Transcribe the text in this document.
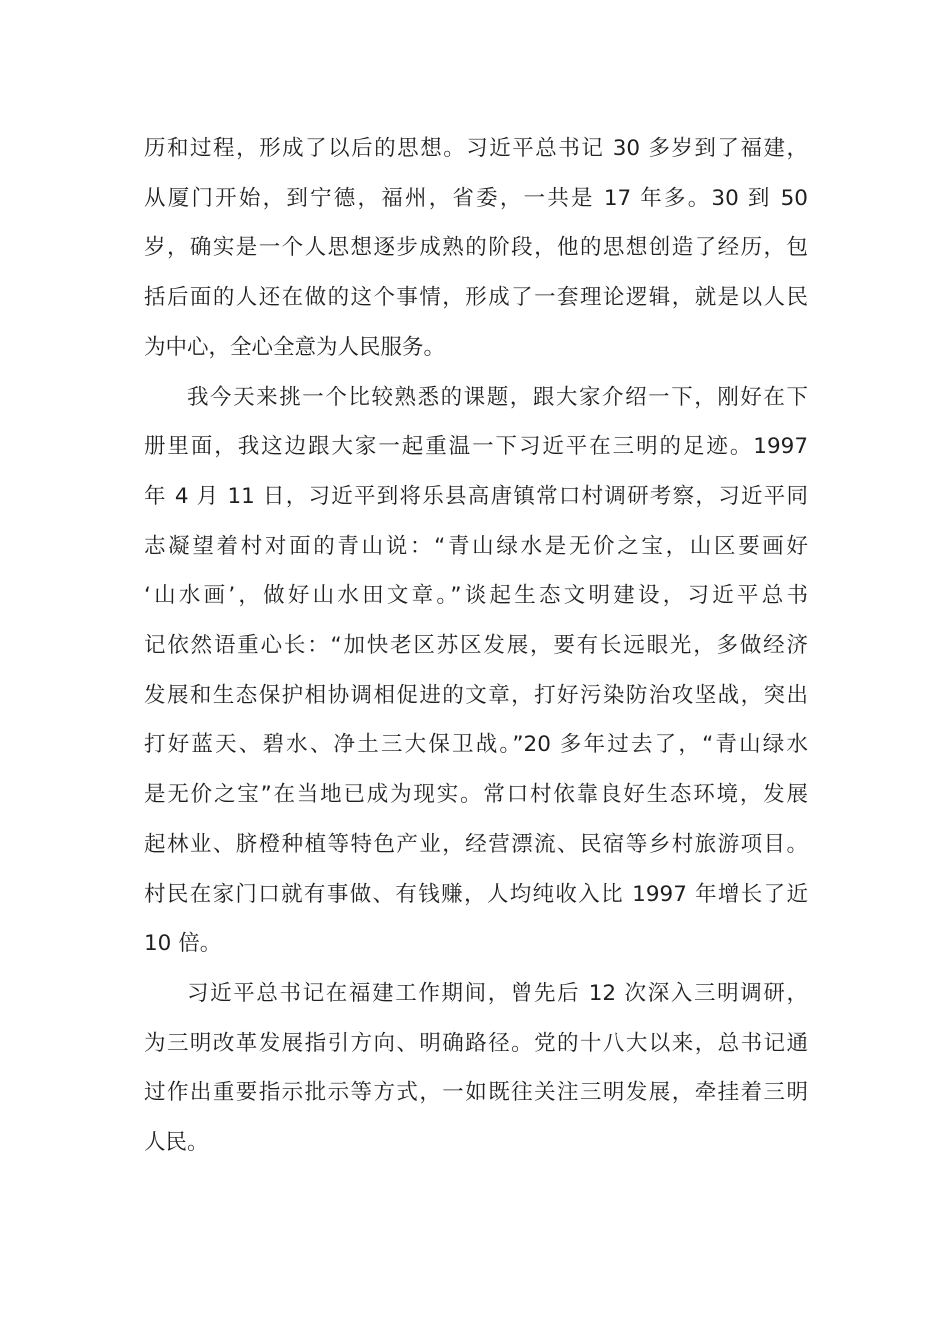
历和过程，形成了以后的思想。习近平总书记 30 多岁到了福建，
从厦门开始，到宁德，福州，省委，一共是 17 年多。30 到 50
岁，确实是一个人思想逐步成熟的阶段，他的思想创造了经历，包
括后面的人还在做的这个事情，形成了一套理论逻辑，就是以人民
为中心，全心全意为人民服务。
我今天来挑一个比较熟悉的课题，跟大家介绍一下，刚好在下
册里面，我这边跟大家一起重温一下习近平在三明的足迹。1997
年 4 月 11 日，习近平到将乐县高唐镇常口村调研考察，习近平同
志凝望着村对面的青山说：“青山绿水是无价之宝，山区要画好
‘山水画’，做好山水田文章。”谈起生态文明建设，习近平总书
记依然语重心长：“加快老区苏区发展，要有长远眼光，多做经济
发展和生态保护相协调相促进的文章，打好污染防治攻坚战，突出
打好蓝天、碧水、净土三大保卫战。”20 多年过去了，“青山绿水
是无价之宝”在当地已成为现实。常口村依靠良好生态环境，发展
起林业、脐橙种植等特色产业，经营漂流、民宿等乡村旅游项目。
村民在家门口就有事做、有钱赚，人均纯收入比 1997 年增长了近
10 倍。
习近平总书记在福建工作期间，曾先后 12 次深入三明调研，
为三明改革发展指引方向、明确路径。党的十八大以来，总书记通
过作出重要指示批示等方式，一如既往关注三明发展，牵挂着三明
人民。
